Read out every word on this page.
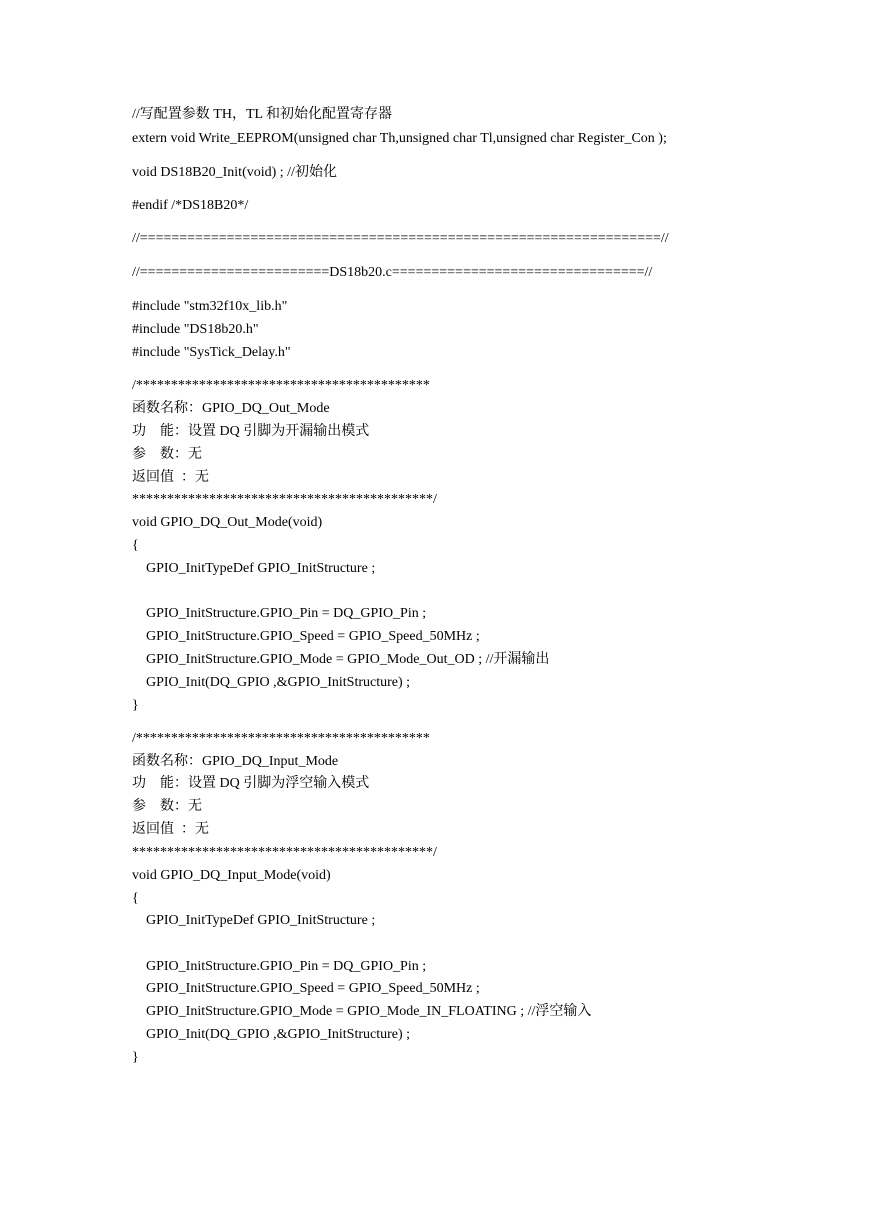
//写配置参数 TH，TL 和初始化配置寄存器
extern void Write_EEPROM(unsigned char Th,unsigned char Tl,unsigned char Register_Con );
void DS18B20_Init(void) ; //初始化
#endif /*DS18B20*/
//==================================================================//
//========================DS18b20.c================================//
#include "stm32f10x_lib.h"
#include "DS18b20.h"
#include "SysTick_Delay.h"
/******************************************
函数名称：GPIO_DQ_Out_Mode
功    能：设置 DQ 引脚为开漏输出模式
参    数：无
返回值  ：无
*******************************************/
void GPIO_DQ_Out_Mode(void)
{
GPIO_InitTypeDef GPIO_InitStructure ;
GPIO_InitStructure.GPIO_Pin = DQ_GPIO_Pin ;
GPIO_InitStructure.GPIO_Speed = GPIO_Speed_50MHz ;
GPIO_InitStructure.GPIO_Mode = GPIO_Mode_Out_OD ; //开漏输出
GPIO_Init(DQ_GPIO ,&GPIO_InitStructure) ;
}
/******************************************
函数名称：GPIO_DQ_Input_Mode
功    能：设置 DQ 引脚为浮空输入模式
参    数：无
返回值  ：无
*******************************************/
void GPIO_DQ_Input_Mode(void)
{
GPIO_InitTypeDef GPIO_InitStructure ;
GPIO_InitStructure.GPIO_Pin = DQ_GPIO_Pin ;
GPIO_InitStructure.GPIO_Speed = GPIO_Speed_50MHz ;
GPIO_InitStructure.GPIO_Mode = GPIO_Mode_IN_FLOATING ; //浮空输入
GPIO_Init(DQ_GPIO ,&GPIO_InitStructure) ;
}
